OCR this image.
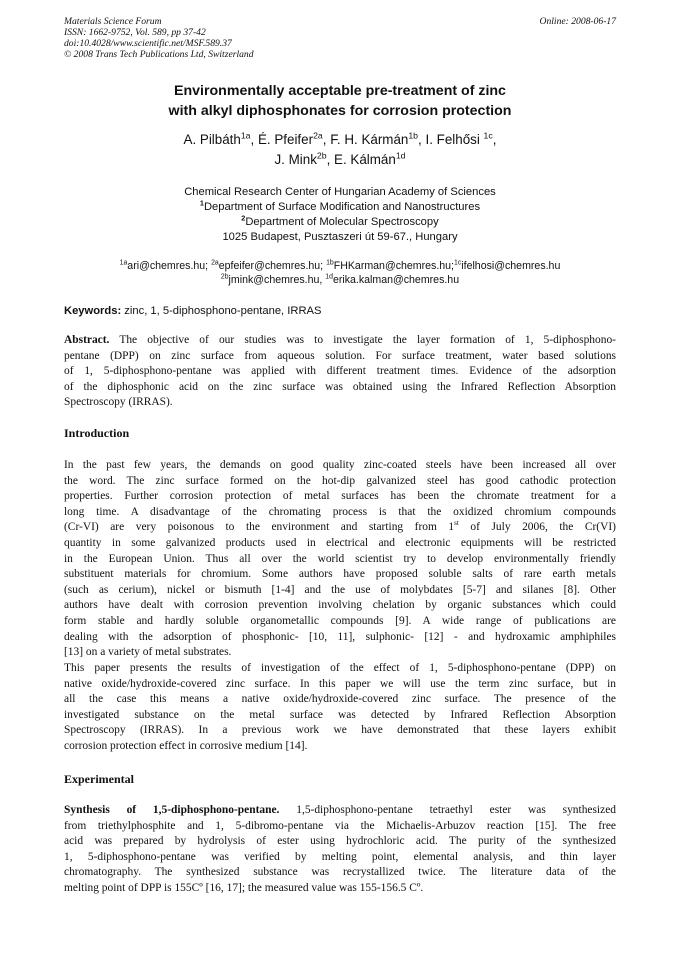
Materials Science Forum
ISSN: 1662-9752, Vol. 589, pp 37-42
doi:10.4028/www.scientific.net/MSF.589.37
© 2008 Trans Tech Publications Ltd, Switzerland
Online: 2008-06-17
Environmentally acceptable pre-treatment of zinc
with alkyl diphosphonates for corrosion protection
A. Pilbáth$^{1a}$, É. Pfeifer$^{2a}$, F. H. Kármán$^{1b}$, I. Felhősi $^{1c}$,
J. Mink$^{2b}$, E. Kálmán$^{1d}$
Chemical Research Center of Hungarian Academy of Sciences
$^1$Department of Surface Modification and Nanostructures
$^2$Department of Molecular Spectroscopy
1025 Budapest, Pusztaszeri út 59-67., Hungary
$^{1a}$ari@chemres.hu; $^{2a}$epfeifer@chemres.hu; $^{1b}$FHKarman@chemres.hu;$^{1c}$ifelhosi@chemres.hu
$^{2b}$jmink@chemres.hu, $^{1d}$erika.kalman@chemres.hu
Keywords: zinc, 1, 5-diphosphono-pentane, IRRAS
Abstract. The objective of our studies was to investigate the layer formation of 1, 5-diphosphono-
pentane (DPP) on zinc surface from aqueous solution. For surface treatment, water based solutions
of 1, 5-diphosphono-pentane was applied with different treatment times. Evidence of the adsorption
of the diphosphonic acid on the zinc surface was obtained using the Infrared Reflection Absorption
Spectroscopy (IRRAS).
Introduction
In the past few years, the demands on good quality zinc-coated steels have been increased all over
the word. The zinc surface formed on the hot-dip galvanized steel has good cathodic protection
properties. Further corrosion protection of metal surfaces has been the chromate treatment for a
long time. A disadvantage of the chromating process is that the oxidized chromium compounds
(Cr-VI) are very poisonous to the environment and starting from 1st of July 2006, the Cr(VI)
quantity in some galvanized products used in electrical and electronic equipments will be restricted
in the European Union. Thus all over the world scientist try to develop environmentally friendly
substituent materials for chromium. Some authors have proposed soluble salts of rare earth metals
(such as cerium), nickel or bismuth [1-4] and the use of molybdates [5-7] and silanes [8]. Other
authors have dealt with corrosion prevention involving chelation by organic substances which could
form stable and hardly soluble organometallic compounds [9]. A wide range of publications are
dealing with the adsorption of phosphonic- [10, 11], sulphonic- [12] - and hydroxamic amphiphiles
[13] on a variety of metal substrates.
This paper presents the results of investigation of the effect of 1, 5-diphosphono-pentane (DPP) on
native oxide/hydroxide-covered zinc surface. In this paper we will use the term zinc surface, but in
all the case this means a native oxide/hydroxide-covered zinc surface. The presence of the
investigated substance on the metal surface was detected by Infrared Reflection Absorption
Spectroscopy (IRRAS). In a previous work we have demonstrated that these layers exhibit
corrosion protection effect in corrosive medium [14].
Experimental
Synthesis of 1,5-diphosphono-pentane. 1,5-diphosphono-pentane tetraethyl ester was synthesized
from triethylphosphite and 1, 5-dibromo-pentane via the Michaelis-Arbuzov reaction [15]. The free
acid was prepared by hydrolysis of ester using hydrochloric acid. The purity of the synthesized
1, 5-diphosphono-pentane was verified by melting point, elemental analysis, and thin layer
chromatography. The synthesized substance was recrystallized twice. The literature data of the
melting point of DPP is 155Cº [16, 17]; the measured value was 155-156.5 Cº.
